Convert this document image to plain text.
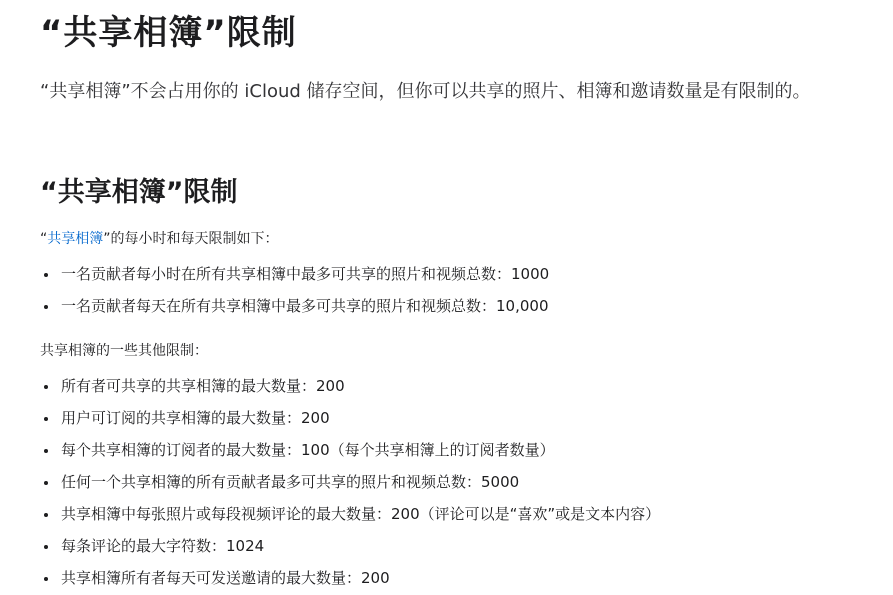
“共享相簿”限制

“共享相簿”不会占用你的 iCloud 储存空间，但你可以共享的照片、相簿和邀请数量是有限制的。

“共享相簿”限制

“共享相簿”的每小时和每天限制如下：

一名贡献者每小时在所有共享相簿中最多可共享的照片和视频总数：1000
一名贡献者每天在所有共享相簿中最多可共享的照片和视频总数：10,000

共享相簿的一些其他限制：

所有者可共享的共享相簿的最大数量：200
用户可订阅的共享相簿的最大数量：200
每个共享相簿的订阅者的最大数量：100（每个共享相簿上的订阅者数量）
任何一个共享相簿的所有贡献者最多可共享的照片和视频总数：5000
共享相簿中每张照片或每段视频评论的最大数量：200（评论可以是“喜欢”或是文本内容）
每条评论的最大字符数：1024
共享相簿所有者每天可发送邀请的最大数量：200
